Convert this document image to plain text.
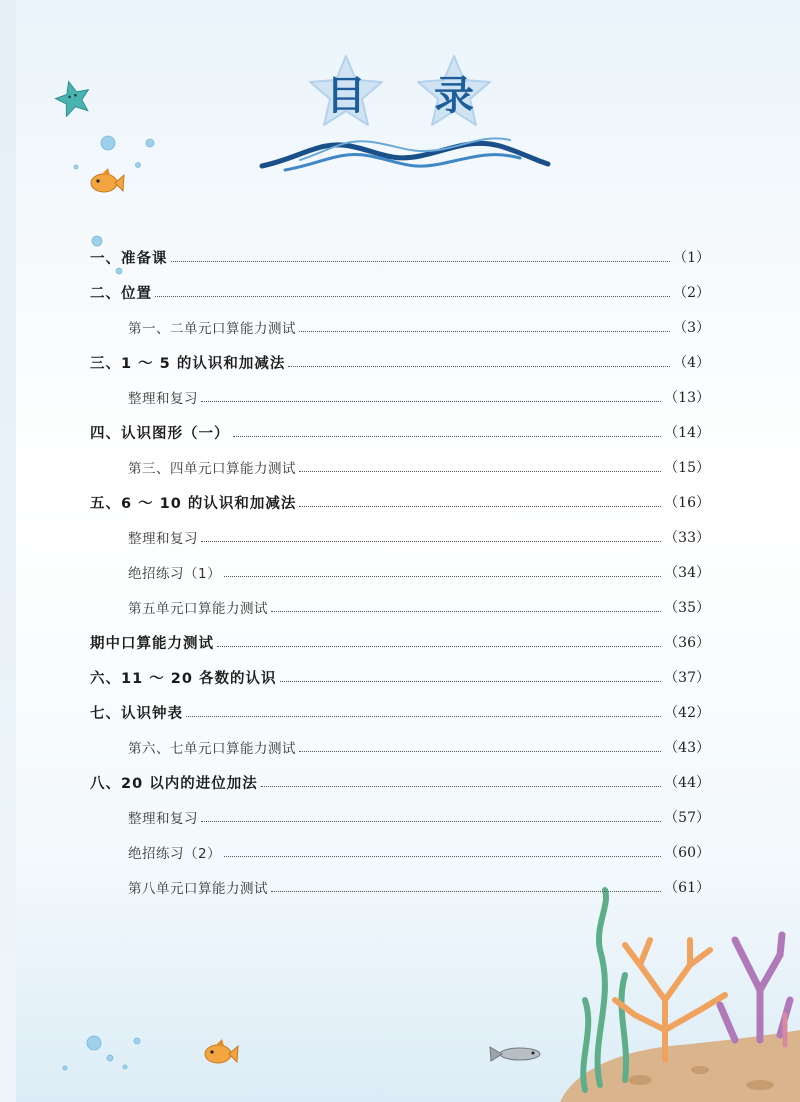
目	录
一、准备课	（1）
二、位置	（2）
第一、二单元口算能力测试	（3）
三、1 ～ 5 的认识和加减法	（4）
整理和复习	（13）
四、认识图形（一）	（14）
第三、四单元口算能力测试	（15）
五、6 ～ 10 的认识和加减法	（16）
整理和复习	（33）
绝招练习（1）	（34）
第五单元口算能力测试	（35）
期中口算能力测试	（36）
六、11 ～ 20 各数的认识	（37）
七、认识钟表	（42）
第六、七单元口算能力测试	（43）
八、20 以内的进位加法	（44）
整理和复习	（57）
绝招练习（2）	（60）
第八单元口算能力测试	（61）
